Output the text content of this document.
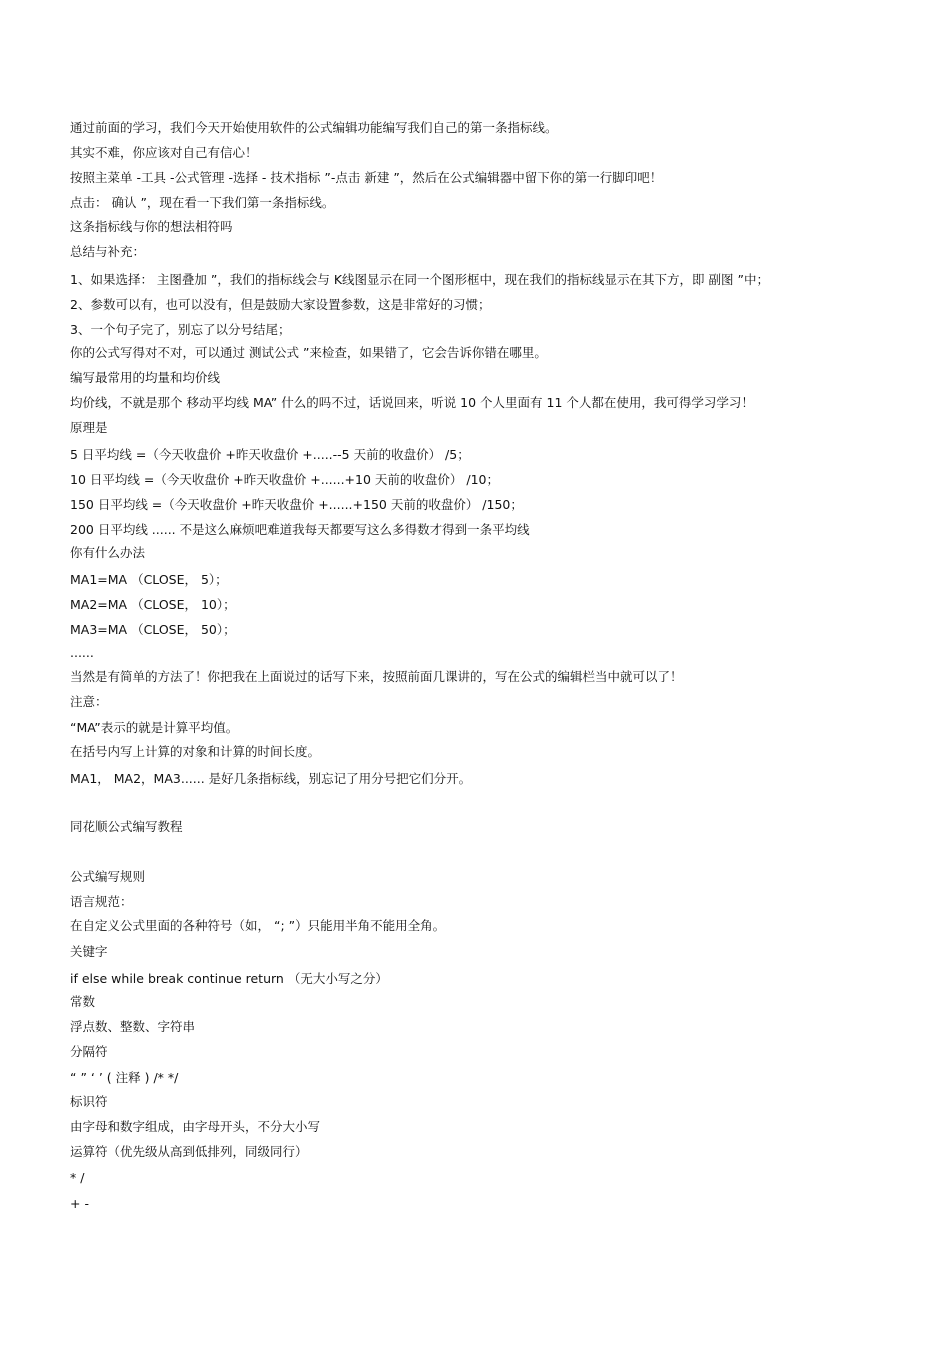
通过前面的学习，我们今天开始使用软件的公式编辑功能编写我们自己的第一条指标线。
其实不难，你应该对自己有信心！
按照主菜单 -工具 -公式管理 -选择 - 技术指标 ”-点击 新建 ”，然后在公式编辑器中留下你的第一行脚印吧！
点击： 确认 ”，现在看一下我们第一条指标线。
这条指标线与你的想法相符吗
总结与补充：
1、如果选择： 主图叠加 ”，我们的指标线会与 K线图显示在同一个图形框中，现在我们的指标线显示在其下方，即 副图 ”中；
2、参数可以有，也可以没有，但是鼓励大家设置参数，这是非常好的习惯；
3、一个句子完了，别忘了以分号结尾；
你的公式写得对不对，可以通过 测试公式 ”来检查，如果错了，它会告诉你错在哪里。
编写最常用的均量和均价线
均价线，不就是那个 移动平均线 MA” 什么的吗不过，话说回来，听说 10 个人里面有 11 个人都在使用，我可得学习学习！
原理是
5 日平均线 =（今天收盘价 +昨天收盘价 +.....--5 天前的收盘价） /5；
10 日平均线 =（今天收盘价 +昨天收盘价 +......+10 天前的收盘价） /10；
150 日平均线 =（今天收盘价 +昨天收盘价 +......+150 天前的收盘价） /150；
200 日平均线 ...... 不是这么麻烦吧难道我每天都要写这么多得数才得到一条平均线
你有什么办法
MA1=MA （CLOSE， 5）；
MA2=MA （CLOSE， 10）；
MA3=MA （CLOSE， 50）；
......
当然是有简单的方法了！你把我在上面说过的话写下来，按照前面几课讲的，写在公式的编辑栏当中就可以了！
注意：
“MA”表示的就是计算平均值。
在括号内写上计算的对象和计算的时间长度。
MA1， MA2，MA3...... 是好几条指标线，别忘记了用分号把它们分开。
同花顺公式编写教程
公式编写规则
语言规范：
在自定义公式里面的各种符号（如， “; ”）只能用半角不能用全角。
关键字
if else while break continue return （无大小写之分）
常数
浮点数、整数、字符串
分隔符
“ ” ‘ ’ ( 注释 ) /* */
标识符
由字母和数字组成，由字母开头，不分大小写
运算符（优先级从高到低排列，同级同行）
* /
+ -
